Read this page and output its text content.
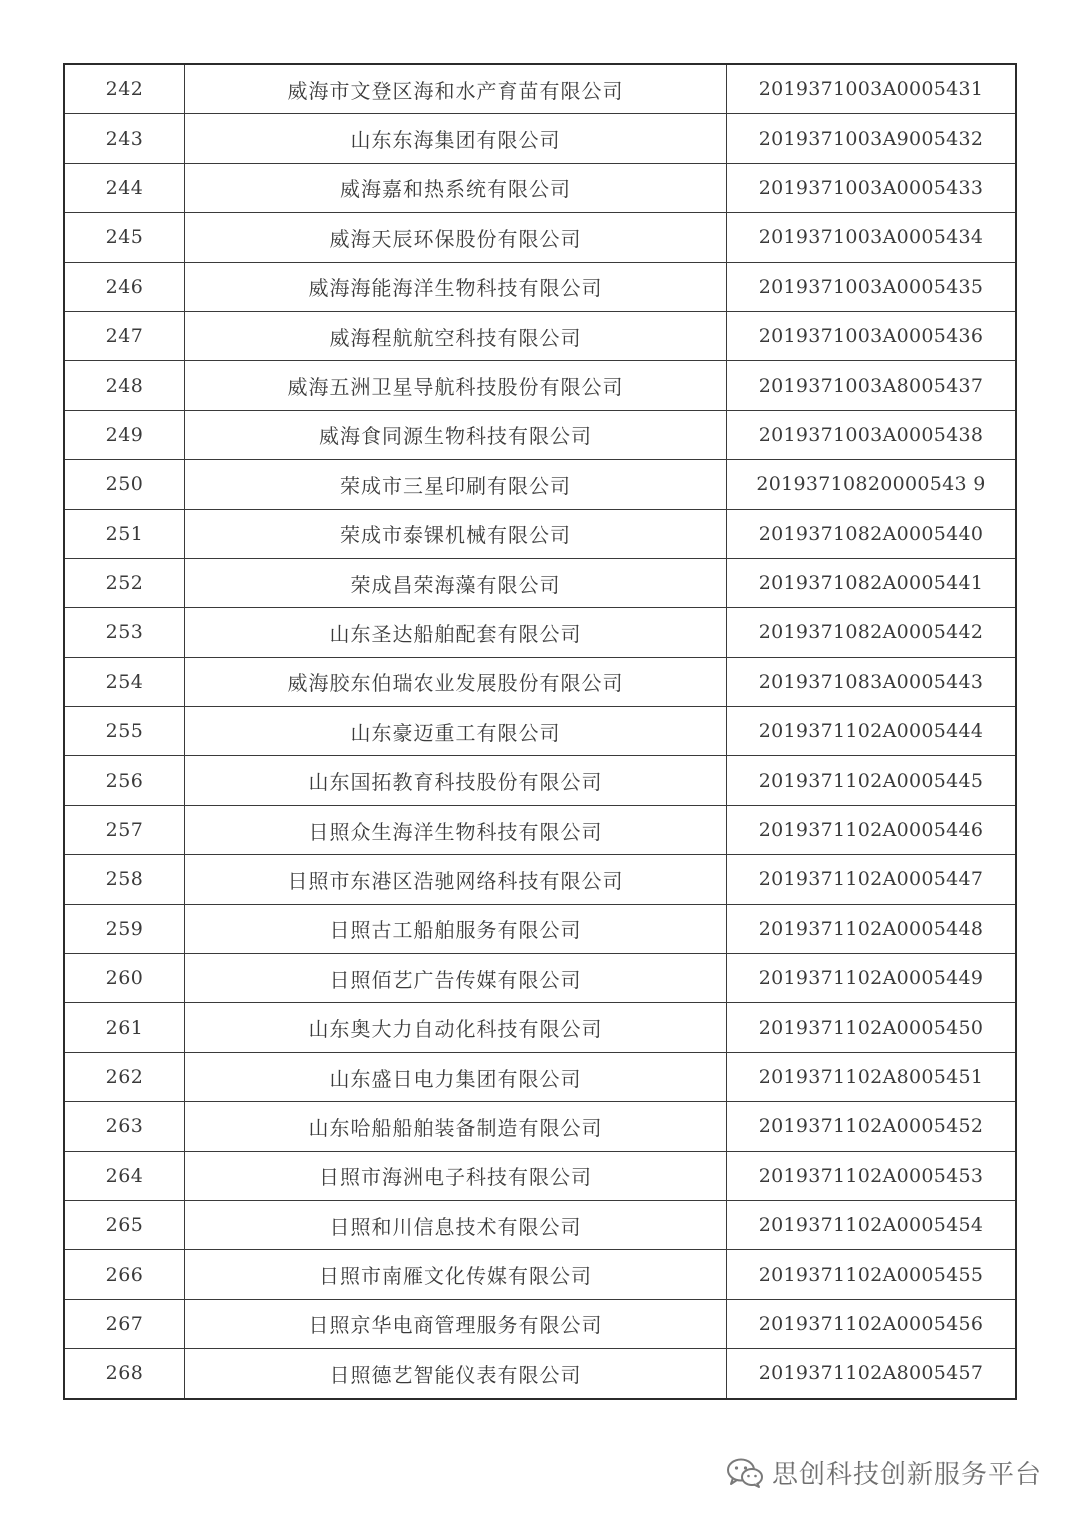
242	威海市文登区海和水产育苗有限公司	2019371003A0005431
243	山东东海集团有限公司	2019371003A9005432
244	威海嘉和热系统有限公司	2019371003A0005433
245	威海天辰环保股份有限公司	2019371003A0005434
246	威海海能海洋生物科技有限公司	2019371003A0005435
247	威海程航航空科技有限公司	2019371003A0005436
248	威海五洲卫星导航科技股份有限公司	2019371003A8005437
249	威海食同源生物科技有限公司	2019371003A0005438
250	荣成市三星印刷有限公司	20193710820000543 9
251	荣成市泰锞机械有限公司	2019371082A0005440
252	荣成昌荣海藻有限公司	2019371082A0005441
253	山东圣达船舶配套有限公司	2019371082A0005442
254	威海胶东伯瑞农业发展股份有限公司	2019371083A0005443
255	山东豪迈重工有限公司	2019371102A0005444
256	山东国拓教育科技股份有限公司	2019371102A0005445
257	日照众生海洋生物科技有限公司	2019371102A0005446
258	日照市东港区浩驰网络科技有限公司	2019371102A0005447
259	日照古工船舶服务有限公司	2019371102A0005448
260	日照佰艺广告传媒有限公司	2019371102A0005449
261	山东奥大力自动化科技有限公司	2019371102A0005450
262	山东盛日电力集团有限公司	2019371102A8005451
263	山东哈船船舶装备制造有限公司	2019371102A0005452
264	日照市海洲电子科技有限公司	2019371102A0005453
265	日照和川信息技术有限公司	2019371102A0005454
266	日照市南雁文化传媒有限公司	2019371102A0005455
267	日照京华电商管理服务有限公司	2019371102A0005456
268	日照德艺智能仪表有限公司	2019371102A8005457
思创科技创新服务平台
